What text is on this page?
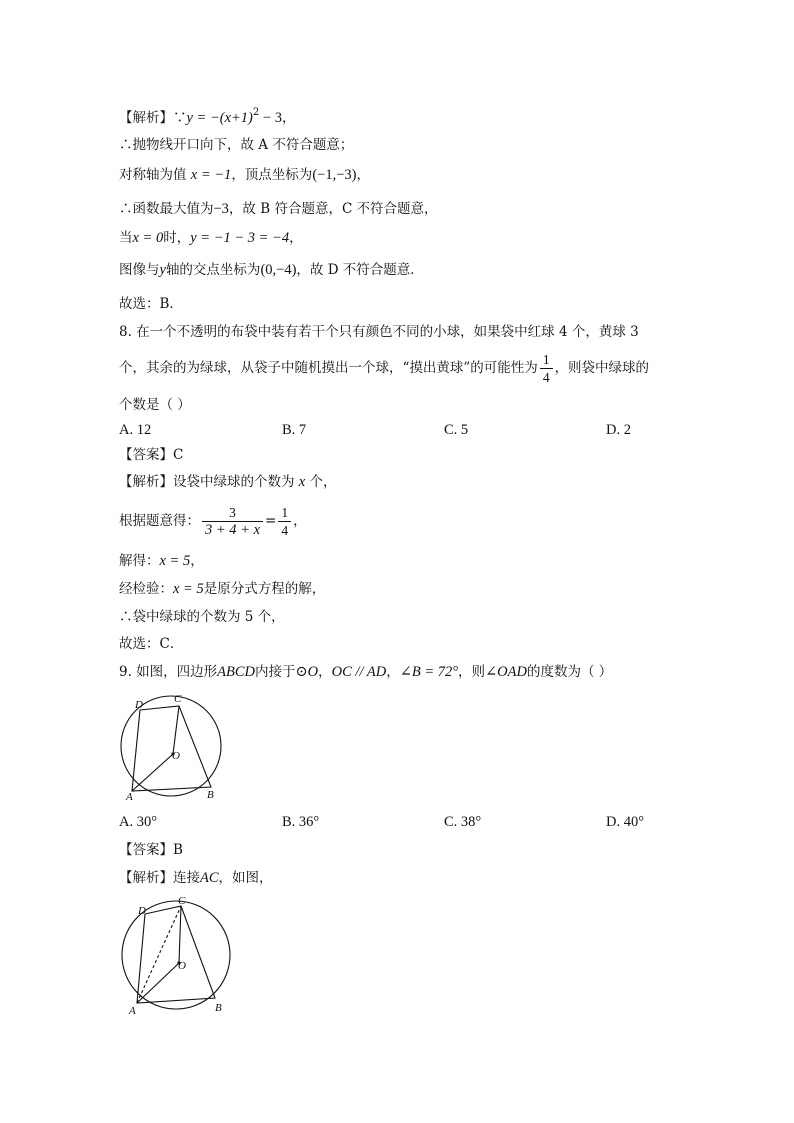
【解析】∵y = $-(x+1)^2 - 3$，
∴抛物线开口向下，故 A 不符合题意；
对称轴为值 x = −1，顶点坐标为(−1,−3)，
∴函数最大值为−3，故 B 符合题意，C 不符合题意，
当x = 0时，y = −1 − 3 = −4，
图像与y轴的交点坐标为(0,−4)，故 D 不符合题意．
故选：B．
8. 在一个不透明的布袋中装有若干个只有颜色不同的小球，如果袋中红球 4 个，黄球 3
个，其余的为绿球，从袋子中随机摸出一个球，“摸出黄球”的可能性为 $\frac{1}{4}$ ，则袋中绿球的
个数是（ ）
A. 12	B. 7	C. 5	D. 2
【答案】C
【解析】设袋中绿球的个数为 x 个，
根据题意得： $\frac{3}{3 + 4 + x} = \frac{1}{4}$ ，
解得：x = 5，
经检验：x = 5是原分式方程的解，
∴袋中绿球的个数为 5 个，
故选：C．
9. 如图，四边形ABCD内接于⊙O，OC // AD，∠B = 72°，则∠OAD的度数为（ ）
D	C
O
A	B
A. 30°	B. 36°	C. 38°	D. 40°
【答案】B
【解析】连接AC，如图，
D
C
O
A	B
